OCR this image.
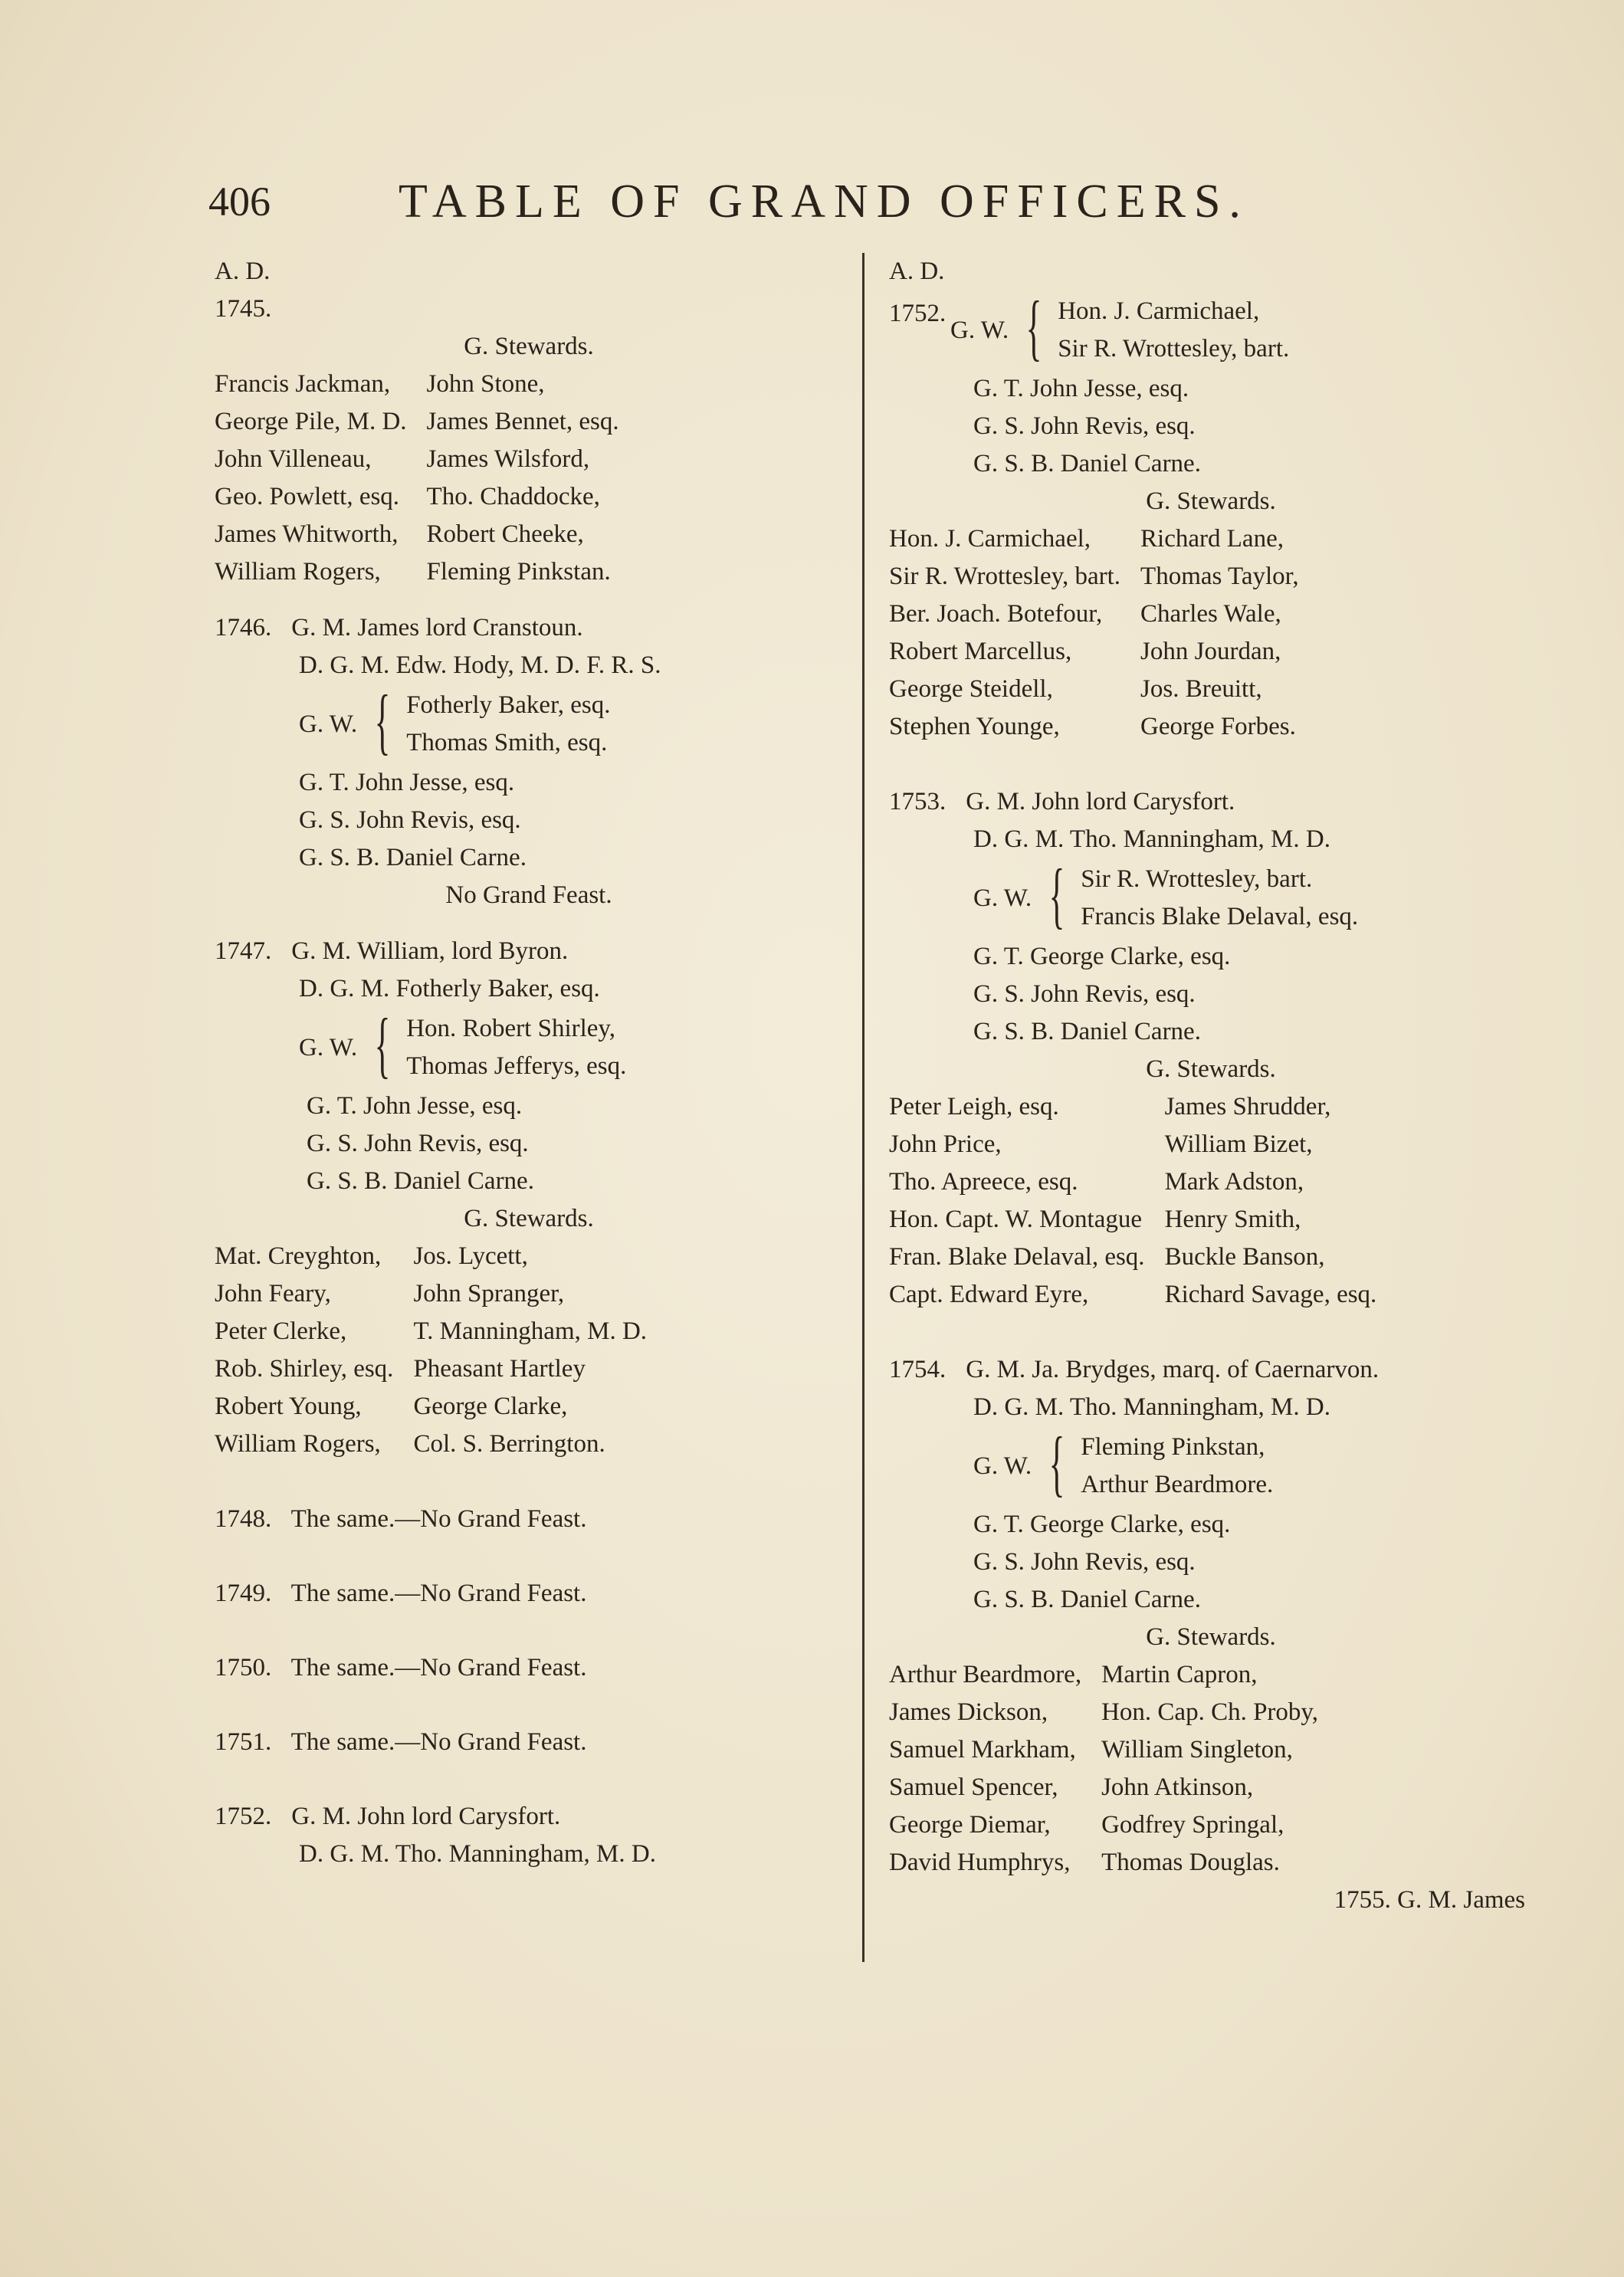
406	TABLE OF GRAND OFFICERS.
A. D.
1745.
G. Stewards.
Francis Jackman,	John Stone,
George Pile, M. D.	James Bennet, esq.
John Villeneau,	James Wilsford,
Geo. Powlett, esq.	Tho. Chaddocke,
James Whitworth,	Robert Cheeke,
William Rogers,	Fleming Pinkstan.
1746. G. M. James lord Cranstoun.
D. G. M. Edw. Hody, M. D. F. R. S.
G. W. { Fotherly Baker, esq.
Thomas Smith, esq.
G. T. John Jesse, esq.
G. S. John Revis, esq.
G. S. B. Daniel Carne.
No Grand Feast.
1747. G. M. William, lord Byron.
D. G. M. Fotherly Baker, esq.
G. W. { Hon. Robert Shirley,
Thomas Jefferys, esq.
G. T. John Jesse, esq.
G. S. John Revis, esq.
G. S. B. Daniel Carne.
G. Stewards.
Mat. Creyghton,	Jos. Lycett,
John Feary,	John Spranger,
Peter Clerke,	T. Manningham, M. D.
Rob. Shirley, esq.	Pheasant Hartley
Robert Young,	George Clarke,
William Rogers,	Col. S. Berrington.
1748. The same.—No Grand Feast.
1749. The same.—No Grand Feast.
1750. The same.—No Grand Feast.
1751. The same.—No Grand Feast.
1752. G. M. John lord Carysfort.
D. G. M. Tho. Manningham, M. D.
A. D.
1752.
G. W. { Hon. J. Carmichael,
Sir R. Wrottesley, bart.
G. T. John Jesse, esq.
G. S. John Revis, esq.
G. S. B. Daniel Carne.
G. Stewards.
Hon. J. Carmichael,	Richard Lane,
Sir R. Wrottesley, bart.	Thomas Taylor,
Ber. Joach. Botefour,	Charles Wale,
Robert Marcellus,	John Jourdan,
George Steidell,	Jos. Breuitt,
Stephen Younge,	George Forbes.
1753. G. M. John lord Carysfort.
D. G. M. Tho. Manningham, M. D.
G. W. { Sir R. Wrottesley, bart.
Francis Blake Delaval, esq.
G. T. George Clarke, esq.
G. S. John Revis, esq.
G. S. B. Daniel Carne.
G. Stewards.
Peter Leigh, esq.	James Shrudder,
John Price,	William Bizet,
Tho. Apreece, esq.	Mark Adston,
Hon. Capt. W. Montague	Henry Smith,
Fran. Blake Delaval, esq.	Buckle Banson,
Capt. Edward Eyre,	Richard Savage, esq.
1754. G. M. Ja. Brydges, marq. of Caernarvon.
D. G. M. Tho. Manningham, M. D.
G. W. { Fleming Pinkstan,
Arthur Beardmore.
G. T. George Clarke, esq.
G. S. John Revis, esq.
G. S. B. Daniel Carne.
G. Stewards.
Arthur Beardmore,	Martin Capron,
James Dickson,	Hon. Cap. Ch. Proby,
Samuel Markham,	William Singleton,
Samuel Spencer,	John Atkinson,
George Diemar,	Godfrey Springal,
David Humphrys,	Thomas Douglas.
1755. G. M. James
